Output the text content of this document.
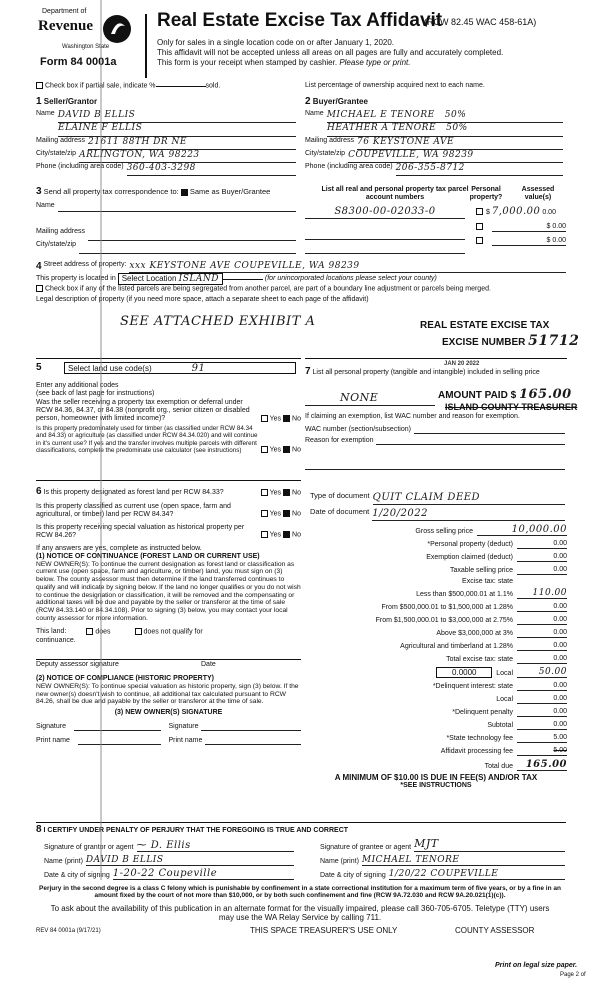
Department of
Revenue
Washington State
Form 84 0001a
Real Estate Excise Tax Affidavit
(RCW 82.45 WAC 458-61A)
Only for sales in a single location code on or after January 1, 2020.
This affidavit will not be accepted unless all areas on all pages are fully and accurately completed.
This form is your receipt when stamped by cashier. Please type or print.
Check box if partial sale, indicate %	sold.	List percentage of ownership acquired next to each name.
1 Seller/Grantor
Name DAVID B ELLIS
ELAINE F ELLIS
Mailing address 21611 88TH DR NE
City/state/zip ARLINGTON, WA 98223
Phone (including area code) 360-403-3298
2 Buyer/Grantee
Name MICHAEL E TENORE 50%
HEATHER A TENORE 50%
Mailing address 76 KEYSTONE AVE
City/state/zip COUPEVILLE, WA 98239
Phone (including area code) 206-355-8712
3 Send all property tax correspondence to: Same as Buyer/Grantee
Name
Mailing address
City/state/zip
List all real and personal property tax parcel account numbers
Personal property?
Assessed value(s)
S8300-00-02033-0	$ 7,000.00 0.00
$ 0.00
$ 0.00
4
Street address of property: xxx KEYSTONE AVE COUPEVILLE, WA 98239
This property is located in
Select Location ISLAND
	(for unincorporated locations please select your county)
Check box if any of the listed parcels are being segregated from another parcel, are part of a boundary line adjustment or parcels being merged.
Legal description of property (if you need more space, attach a separate sheet to each page of the affidavit)
SEE ATTACHED EXHIBIT A	REAL ESTATE EXCISE TAX
EXCISE NUMBER 51712
5	Select land use code(s)	91
Enter any additional codes
(see back of last page for instructions)
Was the seller receiving a property tax exemption or deferral under RCW 84.36, 84.37, or 84.38 (nonprofit org., senior citizen or disabled person, homeowner with limited income)?	Yes No
Is this property predominately used for timber (as classified under RCW 84.34 and 84.33) or agriculture (as classified under RCW 84.34.020) and will continue in it's current use? If yes and the transfer involves multiple parcels with different classifications, complete the predominate use calculator (see instructions)	Yes No
JAN 20 2022
7 List all personal property (tangible and intangible) included in selling price
NONE	AMOUNT PAID $ 165.00
ISLAND COUNTY TREASURER
If claiming an exemption, list WAC number and reason for exemption.
WAC number (section/subsection)
Reason for exemption
6 Is this property designated as forest land per RCW 84.33?	Yes No
Is this property classified as current use (open space, farm and agricultural, or timber) land per RCW 84.34?	Yes No
Is this property receiving special valuation as historical property per RCW 84.26?	Yes No
If any answers are yes, complete as instructed below.
(1) NOTICE OF CONTINUANCE (FOREST LAND OR CURRENT USE)
NEW OWNER(S): To continue the current designation as forest land or classification as current use (open space, farm and agriculture, or timber) land, you must sign on (3) below. The county assessor must then determine if the land transferred continues to qualify and will indicate by signing below. If the land no longer qualifies or you do not wish to continue the designation or classification, it will be removed and the compensating or additional taxes will be due and payable by the seller or transferor at the time of sale (RCW 84.33.140 or 84.34.108). Prior to signing (3) below, you may contact your local county assessor for more information.
This land:	does	does not qualify for
continuance.
Deputy assessor signature	Date
(2) NOTICE OF COMPLIANCE (HISTORIC PROPERTY)
NEW OWNER(S): To continue special valuation as historic property, sign (3) below. If the new owner(s) doesn't wish to continue, all additional tax calculated pursuant to RCW 84.26, shall be due and payable by the seller or transferor at the time of sale.
(3) NEW OWNER(S) SIGNATURE
Signature	Signature
Print name	Print name
Type of document QUIT CLAIM DEED
Date of document 1/20/2022
Gross selling price	10,000.00
*Personal property (deduct)	0.00
Exemption claimed (deduct)	0.00
Taxable selling price	0.00
Excise tax: state
Less than $500,000.01 at 1.1%	110.00
From $500,000.01 to $1,500,000 at 1.28%	0.00
From $1,500,000.01 to $3,000,000 at 2.75%	0.00
Above $3,000,000 at 3%	0.00
Agricultural and timberland at 1.28%	0.00
Total excise tax: state	0.00
0.0000	Local	50.00
*Delinquent interest: state	0.00
Local	0.00
*Delinquent penalty	0.00
Subtotal	0.00
*State technology fee	5.00
Affidavit processing fee	5.00
Total due	165.00
A MINIMUM OF $10.00 IS DUE IN FEE(S) AND/OR TAX
*SEE INSTRUCTIONS
8 I CERTIFY UNDER PENALTY OF PERJURY THAT THE FOREGOING IS TRUE AND CORRECT
Signature of grantor or agent ⁓ D. Ellis
Name (print) DAVID B ELLIS
Date & city of signing 1-20-22 Coupeville
Signature of grantee or agent MJT
Name (print) MICHAEL TENORE
Date & city of signing 1/20/22 COUPEVILLE
Perjury in the second degree is a class C felony which is punishable by confinement in a state correctional institution for a maximum term of five years, or by a fine in an amount fixed by the court of not more than $10,000, or by both such confinement and fine (RCW 9A.72.030 and RCW 9A.20.021(1)(c)).
To ask about the availability of this publication in an alternate format for the visually impaired, please call 360-705-6705. Teletype (TTY) users may use the WA Relay Service by calling 711.
REV 84 0001a (9/17/21)	THIS SPACE TREASURER'S USE ONLY	COUNTY ASSESSOR
Print on legal size paper.
Page 2 of
